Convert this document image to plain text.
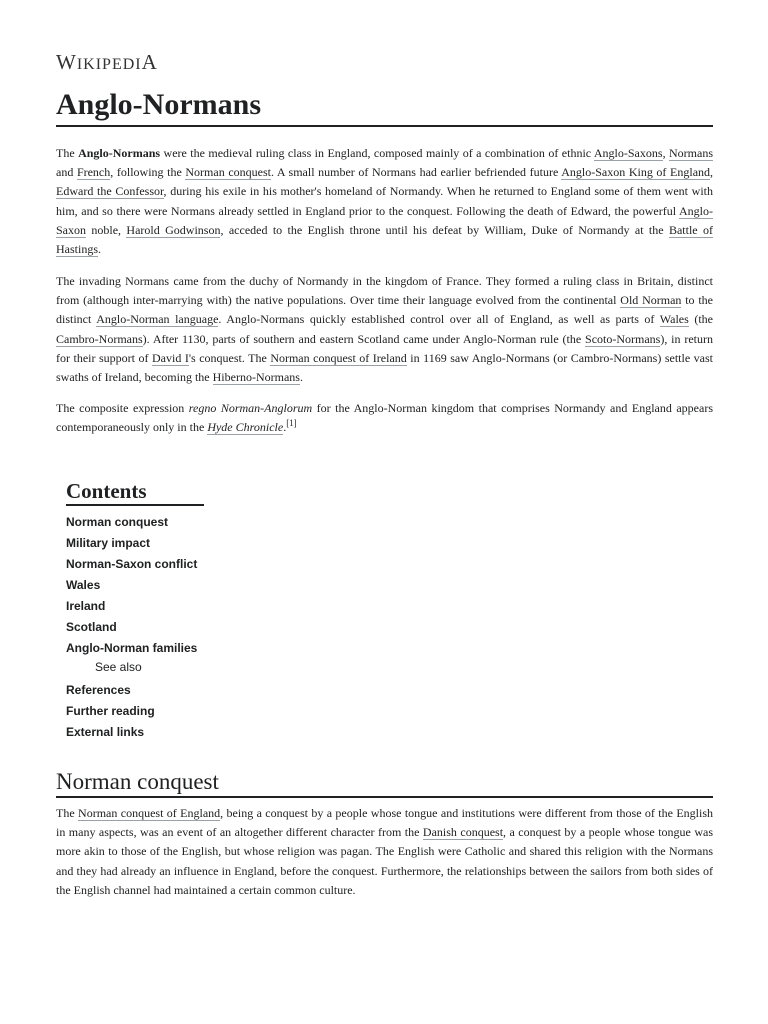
WIKIPEDIA
Anglo-Normans

The Anglo-Normans were the medieval ruling class in England, composed mainly of a combination of ethnic Anglo-Saxons, Normans and French, following the Norman conquest. A small number of Normans had earlier befriended future Anglo-Saxon King of England, Edward the Confessor, during his exile in his mother's homeland of Normandy. When he returned to England some of them went with him, and so there were Normans already settled in England prior to the conquest. Following the death of Edward, the powerful Anglo-Saxon noble, Harold Godwinson, acceded to the English throne until his defeat by William, Duke of Normandy at the Battle of Hastings.

The invading Normans came from the duchy of Normandy in the kingdom of France. They formed a ruling class in Britain, distinct from (although inter-marrying with) the native populations. Over time their language evolved from the continental Old Norman to the distinct Anglo-Norman language. Anglo-Normans quickly established control over all of England, as well as parts of Wales (the Cambro-Normans). After 1130, parts of southern and eastern Scotland came under Anglo-Norman rule (the Scoto-Normans), in return for their support of David I's conquest. The Norman conquest of Ireland in 1169 saw Anglo-Normans (or Cambro-Normans) settle vast swaths of Ireland, becoming the Hiberno-Normans.

The composite expression regno Norman-Anglorum for the Anglo-Norman kingdom that comprises Normandy and England appears contemporaneously only in the Hyde Chronicle.[1]

Contents
Norman conquest
Military impact
Norman-Saxon conflict
Wales
Ireland
Scotland
Anglo-Norman families
See also
References
Further reading
External links
Norman conquest

The Norman conquest of England, being a conquest by a people whose tongue and institutions were different from those of the English in many aspects, was an event of an altogether different character from the Danish conquest, a conquest by a people whose tongue was more akin to those of the English, but whose religion was pagan. The English were Catholic and shared this religion with the Normans and they had already an influence in England, before the conquest. Furthermore, the relationships between the sailors from both sides of the English channel had maintained a certain common culture.
